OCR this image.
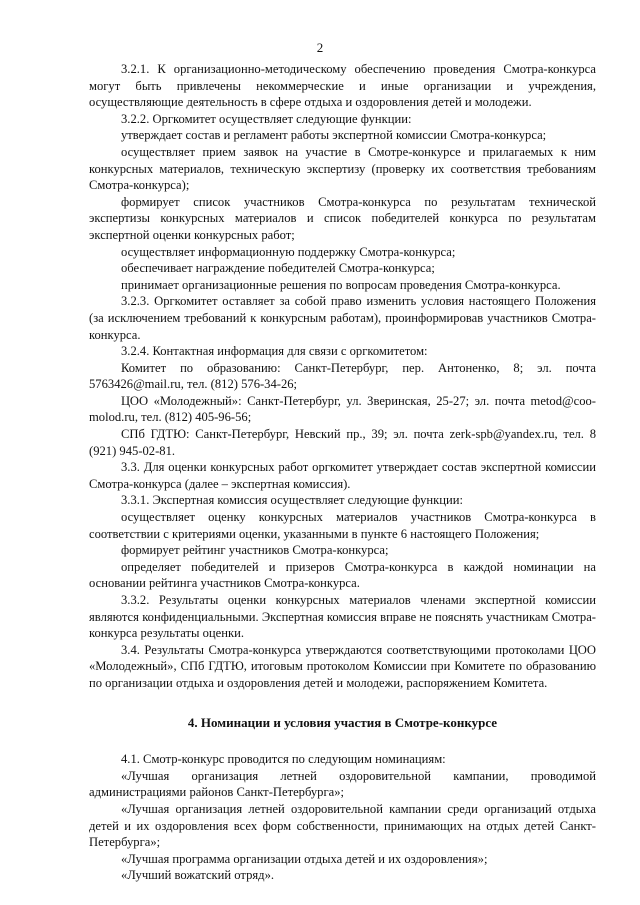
2

3.2.1. К организационно-методическому обеспечению проведения Смотра-конкурса могут быть привлечены некоммерческие и иные организации и учреждения, осуществляющие деятельность в сфере отдыха и оздоровления детей и молодежи.

3.2.2. Оргкомитет осуществляет следующие функции:

утверждает состав и регламент работы экспертной комиссии Смотра-конкурса;

осуществляет прием заявок на участие в Смотре-конкурсе и прилагаемых к ним конкурсных материалов, техническую экспертизу (проверку их соответствия требованиям Смотра-конкурса);

формирует список участников Смотра-конкурса по результатам технической экспертизы конкурсных материалов и список победителей конкурса по результатам экспертной оценки конкурсных работ;

осуществляет информационную поддержку Смотра-конкурса;

обеспечивает награждение победителей Смотра-конкурса;

принимает организационные решения по вопросам проведения Смотра-конкурса.

3.2.3. Оргкомитет оставляет за собой право изменить условия настоящего Положения (за исключением требований к конкурсным работам), проинформировав участников Смотра-конкурса.

3.2.4. Контактная информация для связи с оргкомитетом:

Комитет по образованию: Санкт-Петербург, пер. Антоненко, 8; эл. почта 5763426@mail.ru, тел. (812) 576-34-26;

ЦОО «Молодежный»: Санкт-Петербург, ул. Зверинская, 25-27; эл. почта metod@coo-molod.ru, тел. (812) 405-96-56;

СПб ГДТЮ: Санкт-Петербург, Невский пр., 39; эл. почта zerk-spb@yandex.ru, тел. 8 (921) 945-02-81.

3.3. Для оценки конкурсных работ оргкомитет утверждает состав экспертной комиссии Смотра-конкурса (далее – экспертная комиссия).

3.3.1. Экспертная комиссия осуществляет следующие функции:

осуществляет оценку конкурсных материалов участников Смотра-конкурса в соответствии с критериями оценки, указанными в пункте 6 настоящего Положения;

формирует рейтинг участников Смотра-конкурса;

определяет победителей и призеров Смотра-конкурса в каждой номинации на основании рейтинга участников Смотра-конкурса.

3.3.2. Результаты оценки конкурсных материалов членами экспертной комиссии являются конфиденциальными. Экспертная комиссия вправе не пояснять участникам Смотра-конкурса результаты оценки.

3.4. Результаты Смотра-конкурса утверждаются соответствующими протоколами ЦОО «Молодежный», СПб ГДТЮ, итоговым протоколом Комиссии при Комитете по образованию по организации отдыха и оздоровления детей и молодежи, распоряжением Комитета.

4. Номинации и условия участия в Смотре-конкурсе

4.1. Смотр-конкурс проводится по следующим номинациям:

«Лучшая организация летней оздоровительной кампании, проводимой администрациями районов Санкт-Петербурга»;

«Лучшая организация летней оздоровительной кампании среди организаций отдыха детей и их оздоровления всех форм собственности, принимающих на отдых детей Санкт-Петербурга»;

«Лучшая программа организации отдыха детей и их оздоровления»;

«Лучший вожатский отряд».
